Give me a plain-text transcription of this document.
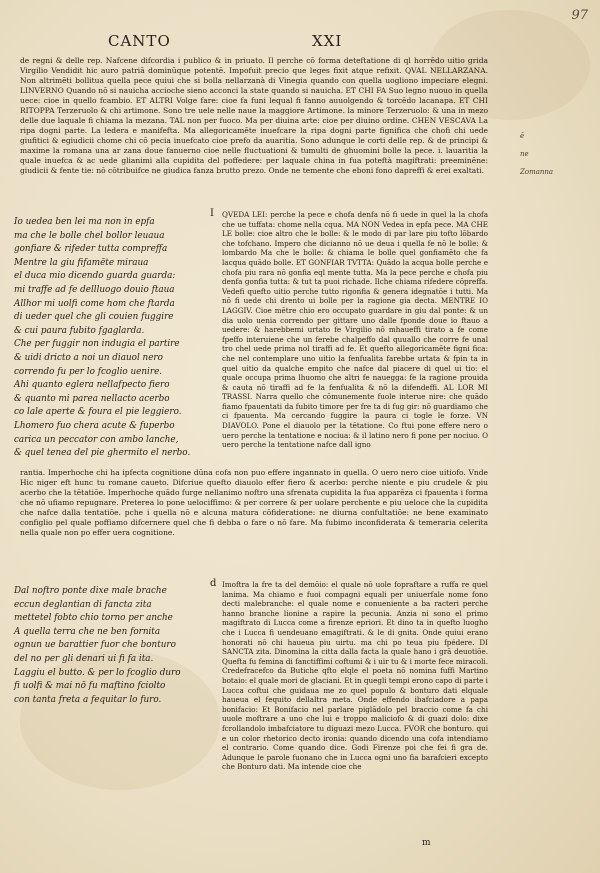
CANTO	XXI
97
de regni & delle rep. Nafcene difcordia i publico & in priuato. Il perche cō forma deteftatione di ql horrēdo uitio grida Virgilio Vendidit hic auro patriā dominūque potentē. Impofuit precio que leges fixit atque refixit. QVAL NELLARZANA. Non altrimēti bollitua quella pece quiui che si bolla nellarzanà di Vinegia quando con quella uogliono impeciare elegni. LINVERNO Quando nō si nauicha accioche sieno acconci la state quando si nauicha. ET CHI FA Suo legno nuouo in quella uece: cioe in quello fcambio. ET ALTRI Volge fare: cioe fa funi lequal fi fanno auuolgendo & torcēdo lacanapa. ET CHI RITOPPA Terzeruolo & chi artimone. Sono tre uele nelle naue la maggiore Artimone. la minore Terzeruolo: & una in mezo delle due laquale fi chiama la mezana. TAL non per fuoco. Ma per diuina arte: cioe per diuino ordine. CHEN VESCAVA La ripa dogni parte. La ledera e manifefta. Ma allegoricamēte inuefcare la ripa dogni parte fignifica che chofi chi uede giufitici & egiudicii chome chi cō pecia inuefcato cioe prefo da auaritia. Sono adunque le corti delle rep. & de principi & maxime la romana una ar zana doue fanuerno cioe nelle fluctuationi & tumulti de ghuomini bolle la pece. i. lauaritia la quale inuefca & ac uede glianimi alla cupidita del poffedere: per laquale china in fua poteftà magiftrati: preeminēne: giudicii & fente tie: nō cōtribuifce ne giudica fanza brutto prezo. Onde ne temente che eboni fono dapreffi & erei exaltati.
ē
ne
Zomanna
Io uedea ben lei ma non in epfa
ma che le bolle chel bollor leuaua
gonfiare & rifeder tutta compreffa
Mentre la giu fifamēte miraua
el duca mio dicendo guarda guarda:
mi traffe ad fe dellluogo douio ftaua
Allhor mi uolfi come hom che ftarda
di ueder quel che gli couien fuggire
& cui paura fubito fgaglarda.
Che per fuggir non indugia el partire
& uidi dricto a noi un diauol nero
correndo fu per lo fcoglio uenire.
Ahi quanto eglera nellafpecto fiero
& quanto mi parea nellacto acerbo
co lale aperte & foura el pie leggiero.
Lhomero fuo chera acute & fuperbo
carica un peccator con ambo lanche,
& quel tenea del pie ghermito el nerbo.
I QVEDA LEI: perche la pece e chofa denfa nō fi uede in quel la la chofa che ue tuffata: chome nella cqua. MA NON Vedea in epfa pece. MA CHE LE bolle: cioe altro che le bolle: & le modo di par lare piu tofto lōbardo che tofchano. Impero che dicianno nō ue deua i quella fe nō le bolle: & lombardo Ma che le bolle: & chiama le bolle quel gonfiamēto che fa lacqua quādo bolle. ET GONFIAR TVTTA: Quādo la acqua bolle perche e chofa piu rara nō gonfia eql mente tutta. Ma la pece perche e chofa piu denfa gonfia tutta: & tut ta puoi richade. Ilche chiama rifedere cōpreffa. Vedefi quefto uitio perche tutto rigonfia & genera idegnatōe i tutti. Ma nō fi uede chi drento ui bolle per la ragione gia decta. MENTRE IO LAGGIV. Cioe mētre chio ero occupato guardare in giu dal ponte: & un dia uolo uenia correndo per gittare uno dalle fponde doue io ftauo a uedere: & harebbemi urtato fe Virgilio nō mhaueffi tirato a fe come fpeffo interuiene che un ferebe chalpeffo dal quuallo che corre fe unal tro chel uede prima nol tiraffi ad fe. Et quefto allegoricamēte figni fica: che nel contemplare uno uitio la fenfualita farebbe urtata & fpin ta in quel uitio da qualche empito che nafce dal piacere di quel ui tio: el quale occupa prima lhuomo che altri fe nauegga: fe la ragione prouida & cauta nō tiraffi ad fe la fenfualita & nō la difendeffi. AL LOR MI TRASSI. Narra quello che cōmunemente fuole interue nire: che quādo fiamo fpauentati da fubito timore per fre ta di fug gir: nō guardiamo che ci fpauenta. Ma cercando fuggire la paura ci togle le forze. VN DIAVOLO. Pone el diauolo per la tētatione. Co ftui pone effere nero o uero perche la tentatione e nociua: & il latino nero fi pone per nociuo. O uero perche la tentatione nafce dall igno
rantia. Imperhoche chi ha ipfecta cognitione dūna cofa non puo effere ingannato in quella. O uero nero cioe uitiofo. Vnde Hic niger eft hunc tu romane caueto. Difcriue quefto diauolo effer fiero & acerbo: perche niente e piu crudele & piu acerbo che la tētatiōe. Imperhoche quādo furge nellanimo noftro una sfrenata cupidita la fua apparēza ci fpauenta i forma che nō ufiamo repugnare. Preterea lo pone uelociffimo: & per correre & per uolare perchente e piu ueloce che la cupidita che nafce dalla tentatiōe. pche i quella nō e alcuna matura cōfideratione: ne diurna confultatiōe: ne bene examinato configlio pel quale poffiamo difcernere quel che fi debba o fare o nō fare. Ma fubimo inconfiderata & temeraria celerita nella quale non po effer uera cognitione.
Dal noftro ponte dixe male brache
eccun deglantian di fancta zita
mettetel fobto chio torno per anche
A quella terra che ne ben fornita
ognun ue barattier fuor che bonturo
del no per gli denari ui fi fa ita.
Laggiu el butto. & per lo fcoglio duro
fi uolfi & mai nō fu maftino fciolto
con tanta freta a fequitar lo furo.
d Imoftra la fre ta del demōio: el quale nō uole fopraftare a ruffa re quel lanima. Ma chiamo e fuoi compagni equali per uniuerfale nome fono decti malebranche: el quale nome e conueniente a ba racteri perche hanno branche lionine a rapire la pecunia. Anzia ni sono el primo magiftrato di Lucca come a firenze epriori. Et dino ta in quefto luogho che i Lucca fi uendeuano emagiftrati. & le di gnita. Onde quiui erano honorati nō chi haueua piu uirtu. ma chi po teua piu fpédere. DI SANCTA zita. Dinomina la citta dalla facta la quale hano i grā deuotiōe. Quefta fu femina di fanctiffimi coftumi & i uir tu & i morte fece miracoli. Credefracefco da Butiche qfto elqle el poeta nō nomina fuffi Martino botaio: el quale mori de glaciani. Et in quegli tempi erono capo di parte i Lucca coftui che guidaua me zo quel populo & bonturo dati elquale haueua el fequito dellaltra meta. Onde effendo ibafciadore a papa bonifacio: Et Bonifacio nel parlare piglādolo pel braccio come fa chi uuole moftrare a uno che lui e troppo maliciofo & di guazi dolo: dixe fcrollandolo imbafciatore tu diguazi mezo Lucca. FVOR che bonturo. qui e un color rhetorico decto ironia: quando dicendo una cofa intendiamo el contrario. Come quando dice. Godi Firenze poi che fei fi gra de. Adunque le parole fuonano che in Lucca ogni uno fia barafcieri excepto che Bonturo dati. Ma intende cioe che
m
